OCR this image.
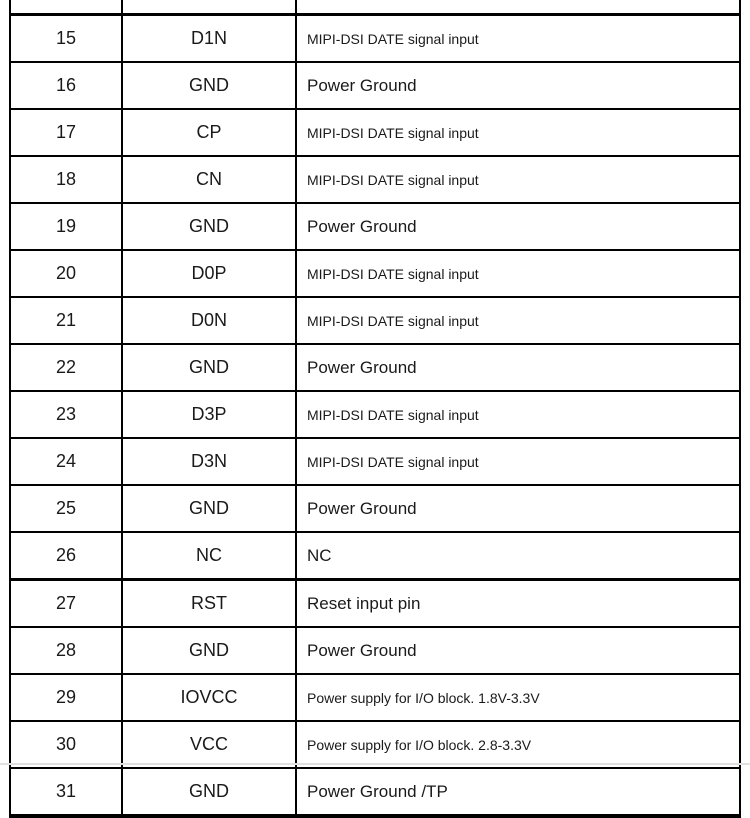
15	D1N	MIPI-DSI DATE signal input
16	GND	Power Ground
17	CP	MIPI-DSI DATE signal input
18	CN	MIPI-DSI DATE signal input
19	GND	Power Ground
20	D0P	MIPI-DSI DATE signal input
21	D0N	MIPI-DSI DATE signal input
22	GND	Power Ground
23	D3P	MIPI-DSI DATE signal input
24	D3N	MIPI-DSI DATE signal input
25	GND	Power Ground
26	NC	NC
27	RST	Reset input pin
28	GND	Power Ground
29	IOVCC	Power supply for I/O block. 1.8V-3.3V
30	VCC	Power supply for I/O block. 2.8-3.3V
31	GND	Power Ground /TP
